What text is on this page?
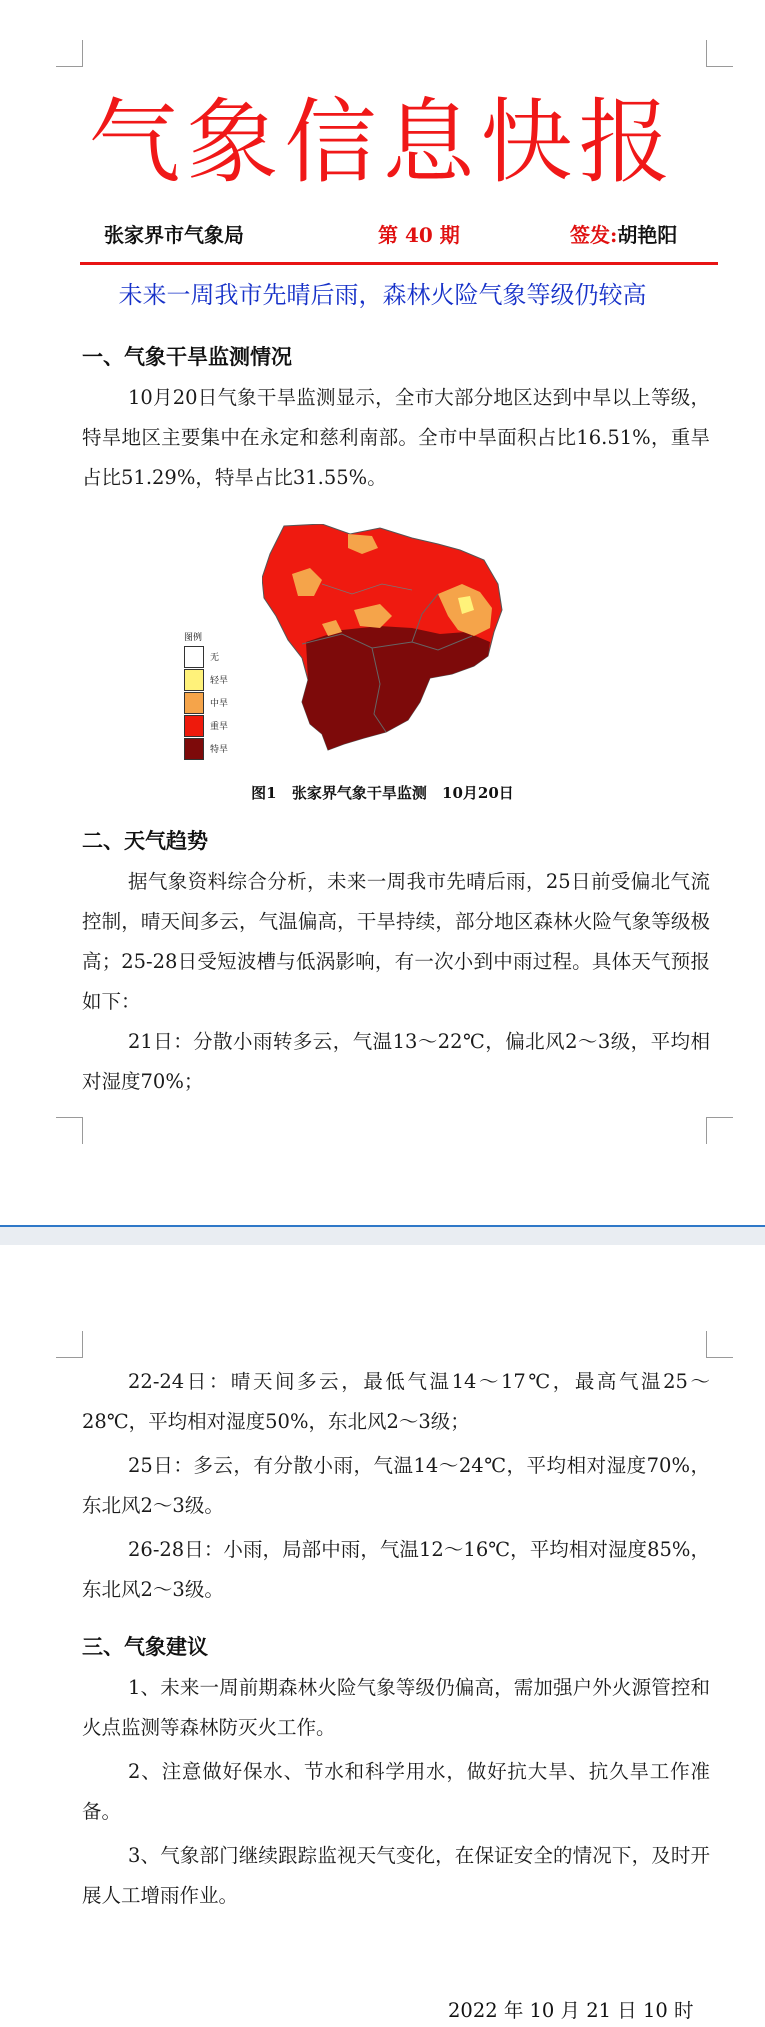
气象信息快报
张家界市气象局	第 40 期	签发:胡艳阳
未来一周我市先晴后雨，森林火险气象等级仍较高
一、气象干旱监测情况
10月20日气象干旱监测显示，全市大部分地区达到中旱以上等级，特旱地区主要集中在永定和慈利南部。全市中旱面积占比16.51%，重旱占比51.29%，特旱占比31.55%。
图例
无
轻旱
中旱
重旱
特旱
图1 张家界气象干旱监测 10月20日
二、天气趋势
据气象资料综合分析，未来一周我市先晴后雨，25日前受偏北气流控制，晴天间多云，气温偏高，干旱持续，部分地区森林火险气象等级极高；25-28日受短波槽与低涡影响，有一次小到中雨过程。具体天气预报如下：
21日：分散小雨转多云，气温13～22℃，偏北风2～3级，平均相对湿度70%；
22-24日：晴天间多云，最低气温14～17℃，最高气温25～28℃，平均相对湿度50%，东北风2～3级；
25日：多云，有分散小雨，气温14～24℃，平均相对湿度70%，东北风2～3级。
26-28日：小雨，局部中雨，气温12～16℃，平均相对湿度85%，东北风2～3级。
三、气象建议
1、未来一周前期森林火险气象等级仍偏高，需加强户外火源管控和火点监测等森林防灭火工作。
2、注意做好保水、节水和科学用水，做好抗大旱、抗久旱工作准备。
3、气象部门继续跟踪监视天气变化，在保证安全的情况下，及时开展人工增雨作业。
2022 年 10 月 21 日 10 时
